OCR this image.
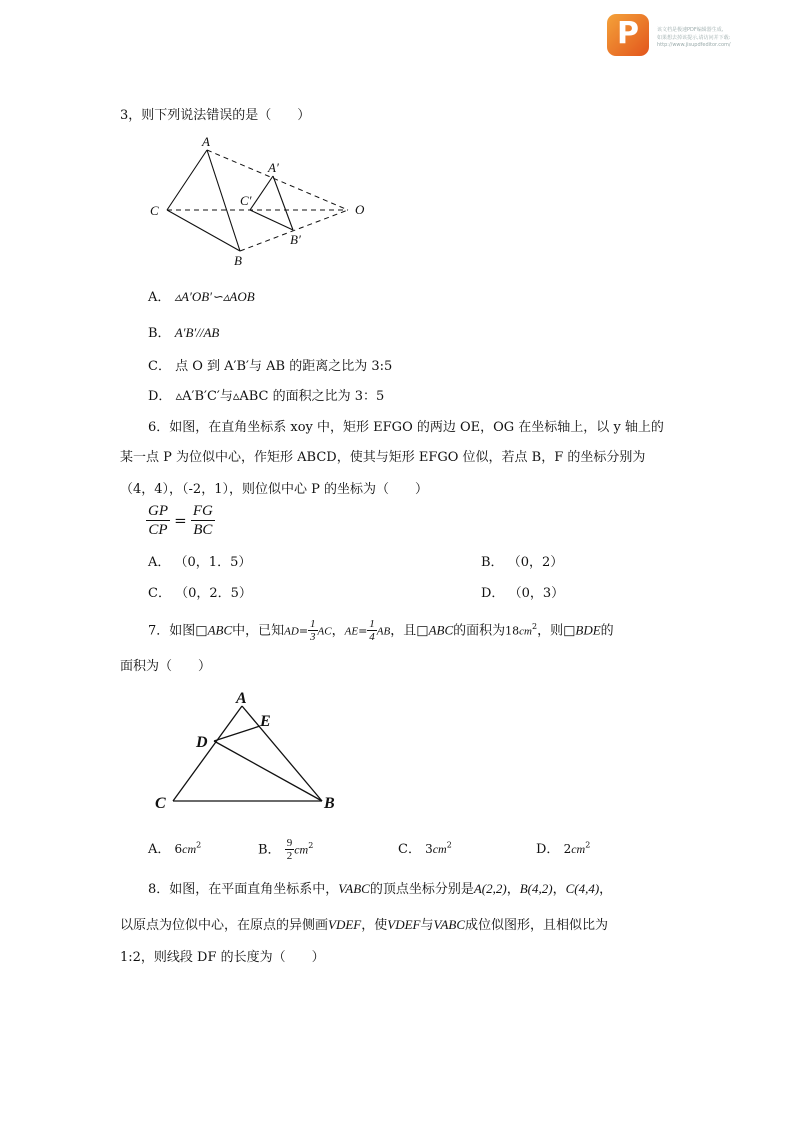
P	该文档是极速PDF编辑器生成,
如果想去掉该提示,请访问并下载:
http://www.jisupdfeditor.com/
3，则下列说法错误的是（　　）
A
A′
C
C′
O
B′
B
A． ▵A′OB′∽▵AOB
B． A′B′//AB
C． 点 O 到 A′B′与 AB 的距离之比为 3:5
D． ▵A′B′C′与▵ABC 的面积之比为 3：5
6．如图，在直角坐标系 xoy 中，矩形 EFGO 的两边 OE，OG 在坐标轴上，以 y 轴上的
某一点 P 为位似中心，作矩形 ABCD，使其与矩形 EFGO 位似，若点 B，F 的坐标分别为
（4，4），（-2，1），则位似中心 P 的坐标为（　　）
$\frac{GP}{CP} = \frac{FG}{BC}$
A． （0，1．5）	B． （0，2）
C． （0，2．5）	D． （0，3）
7．如图□ABC中，已知$AD= \frac{1}{3}$ AC，$AE= \frac{1}{4}$ AB，且□ABC的面积为$18cm^2$，则□BDE的
面积为（　　）
A
E
D
C	B
A． $6cm^2$	B． $\frac{9}{2} cm^2$	C． $3cm^2$	D． $2cm^2$
8．如图，在平面直角坐标系中，VABC的顶点坐标分别是A(2,2)，B(4,2)，C(4,4)，
以原点为位似中心，在原点的异侧画VDEF，使VDEF与VABC成位似图形，且相似比为
1:2，则线段 DF 的长度为（　　）
